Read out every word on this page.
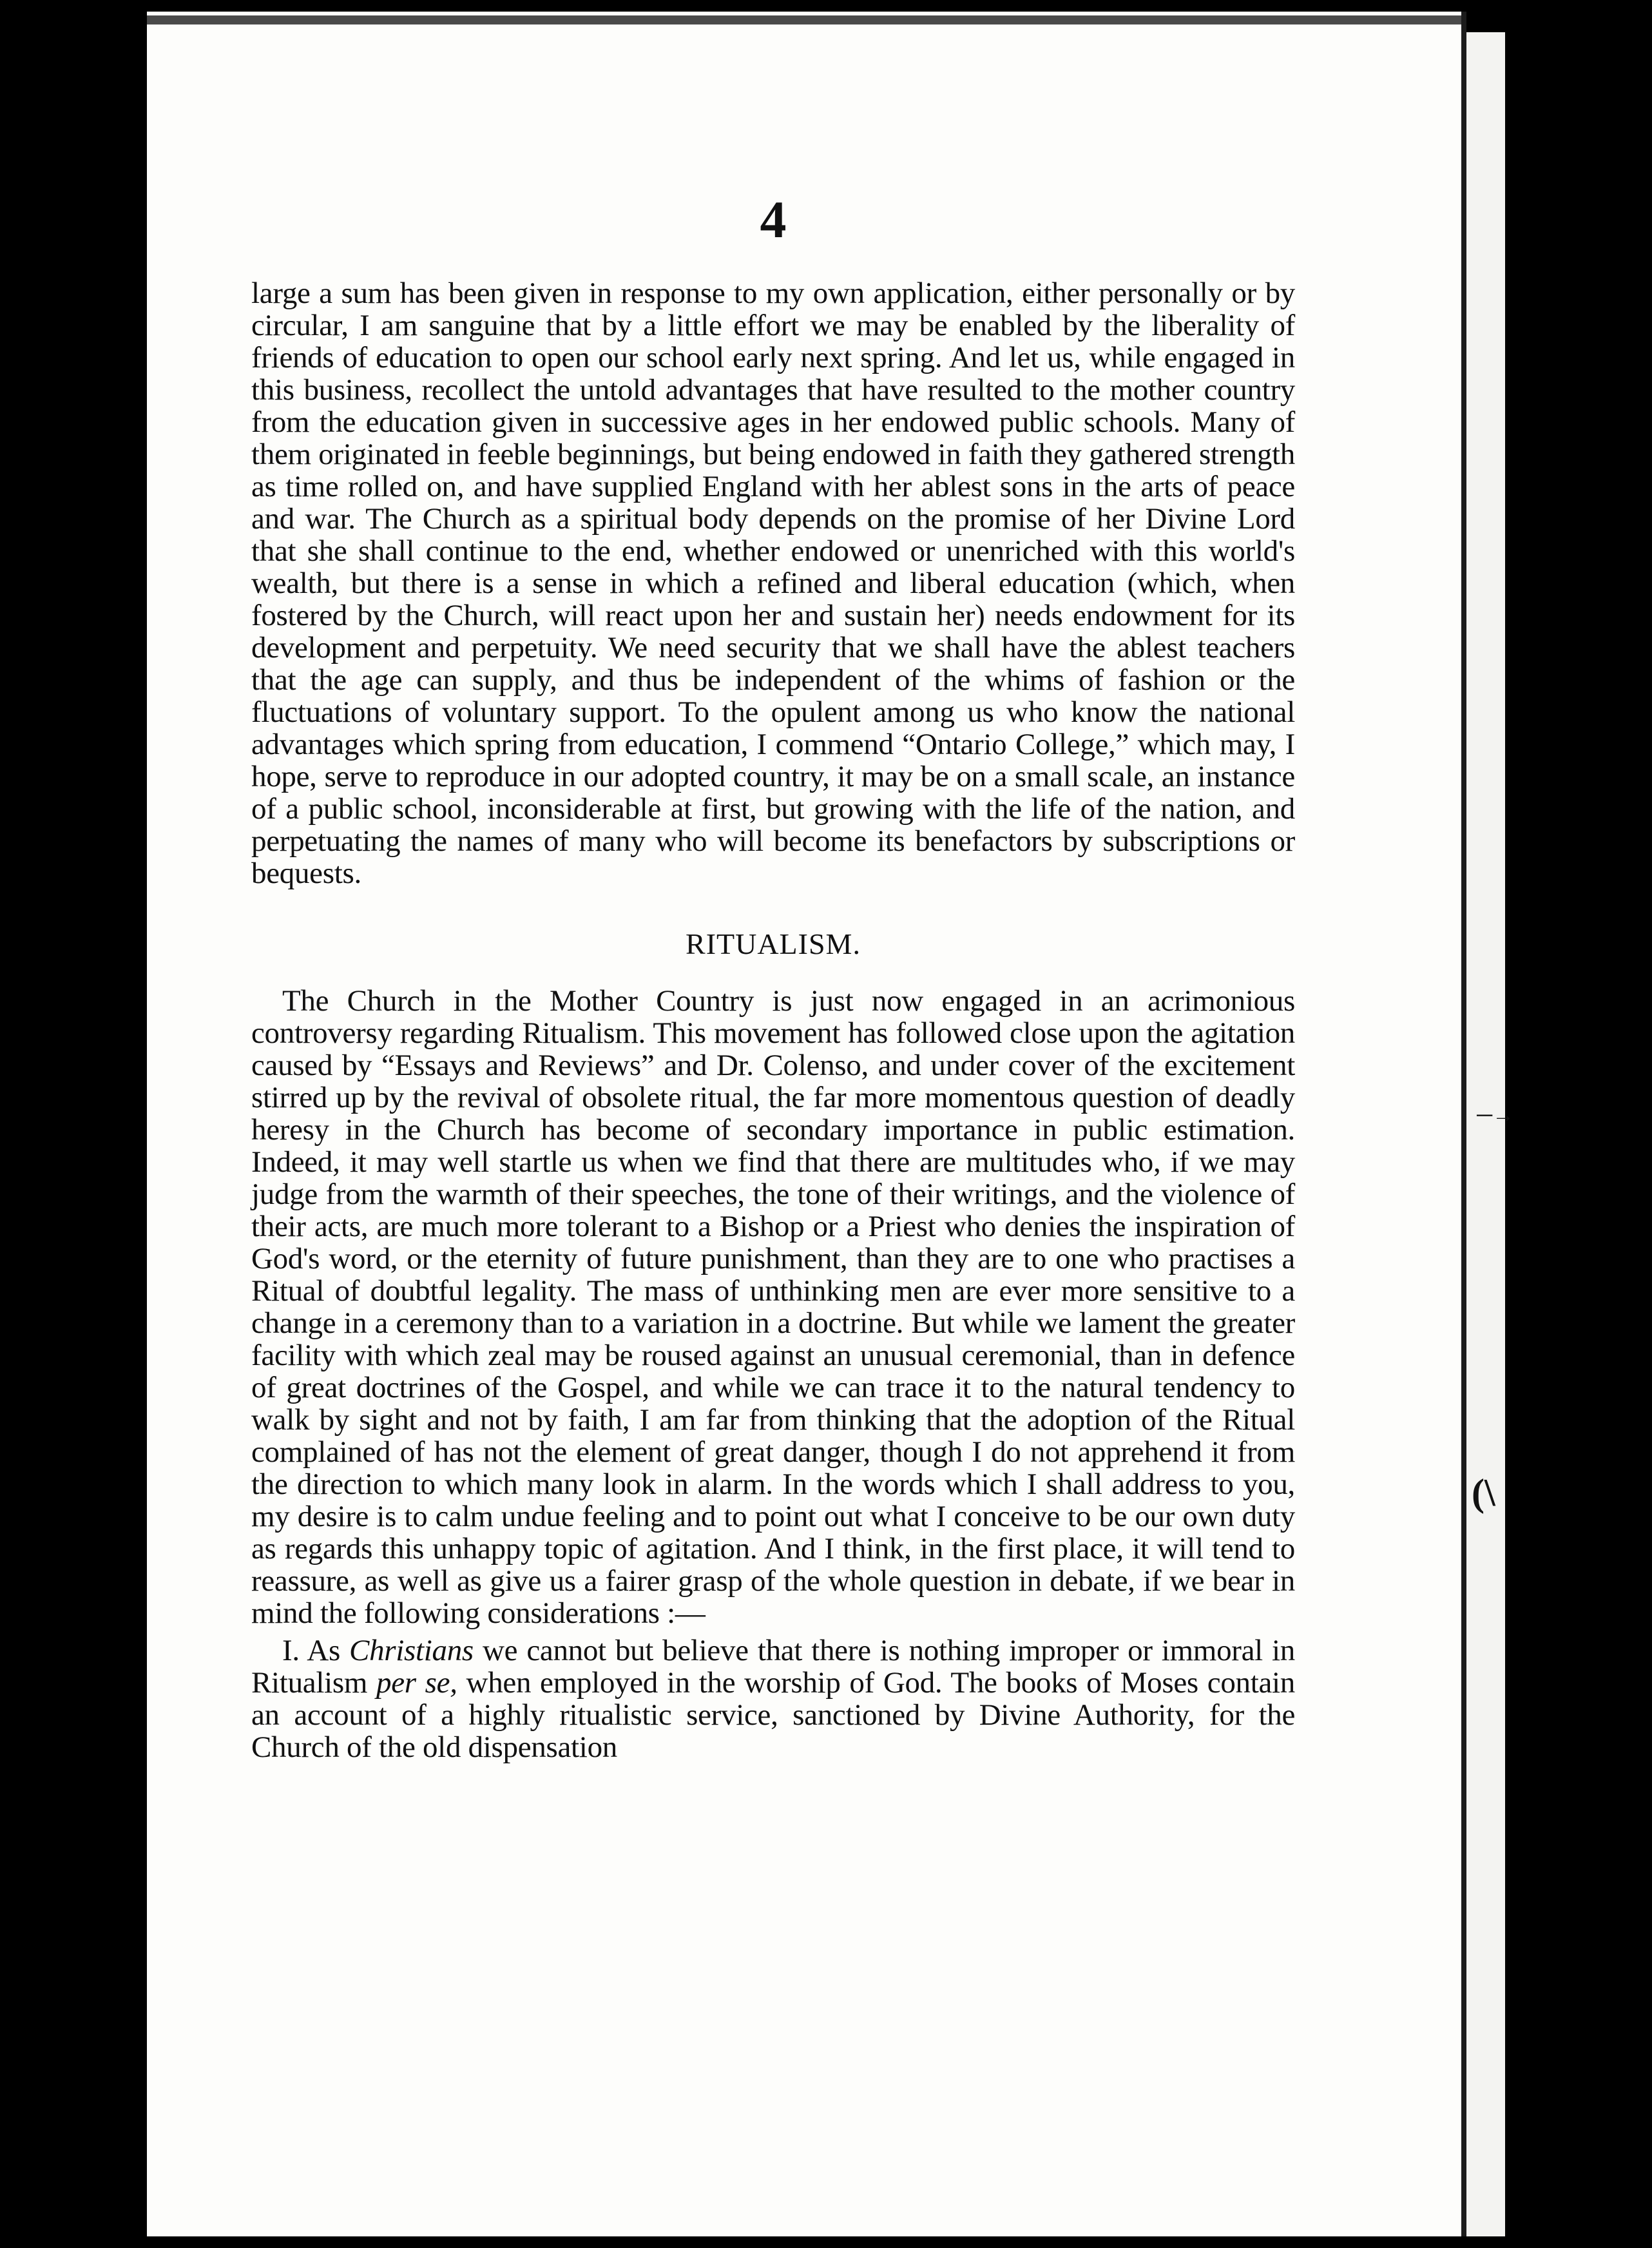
─→
(\
4

large a sum has been given in response to my own application, either personally or by circular, I am sanguine that by a little effort we may be enabled by the liberality of friends of education to open our school early next spring. And let us, while engaged in this business, recollect the untold advantages that have resulted to the mother country from the education given in successive ages in her endowed public schools. Many of them originated in feeble beginnings, but being endowed in faith they gathered strength as time rolled on, and have supplied England with her ablest sons in the arts of peace and war. The Church as a spiritual body depends on the promise of her Divine Lord that she shall continue to the end, whether endowed or unenriched with this world's wealth, but there is a sense in which a refined and liberal education (which, when fostered by the Church, will react upon her and sustain her) needs endowment for its development and perpetuity. We need security that we shall have the ablest teachers that the age can supply, and thus be independent of the whims of fashion or the fluctuations of voluntary support. To the opulent among us who know the national advantages which spring from education, I commend “Ontario College,” which may, I hope, serve to reproduce in our adopted country, it may be on a small scale, an instance of a public school, inconsiderable at first, but growing with the life of the nation, and perpetuating the names of many who will become its benefactors by subscriptions or bequests.

RITUALISM.

The Church in the Mother Country is just now engaged in an acrimonious controversy regarding Ritualism. This movement has followed close upon the agitation caused by “Essays and Reviews” and Dr. Colenso, and under cover of the excitement stirred up by the revival of obsolete ritual, the far more momentous question of deadly heresy in the Church has become of secondary importance in public estimation. Indeed, it may well startle us when we find that there are multitudes who, if we may judge from the warmth of their speeches, the tone of their writings, and the violence of their acts, are much more tolerant to a Bishop or a Priest who denies the inspiration of God's word, or the eternity of future punishment, than they are to one who practises a Ritual of doubtful legality. The mass of unthinking men are ever more sensitive to a change in a ceremony than to a variation in a doctrine. But while we lament the greater facility with which zeal may be roused against an unusual ceremonial, than in defence of great doctrines of the Gospel, and while we can trace it to the natural tendency to walk by sight and not by faith, I am far from thinking that the adoption of the Ritual complained of has not the element of great danger, though I do not apprehend it from the direction to which many look in alarm. In the words which I shall address to you, my desire is to calm undue feeling and to point out what I conceive to be our own duty as regards this unhappy topic of agitation. And I think, in the first place, it will tend to reassure, as well as give us a fairer grasp of the whole question in debate, if we bear in mind the following considerations :—

I. As Christians we cannot but believe that there is nothing improper or immoral in Ritualism per se, when employed in the worship of God. The books of Moses contain an account of a highly ritualistic service, sanctioned by Divine Authority, for the Church of the old dispensation
